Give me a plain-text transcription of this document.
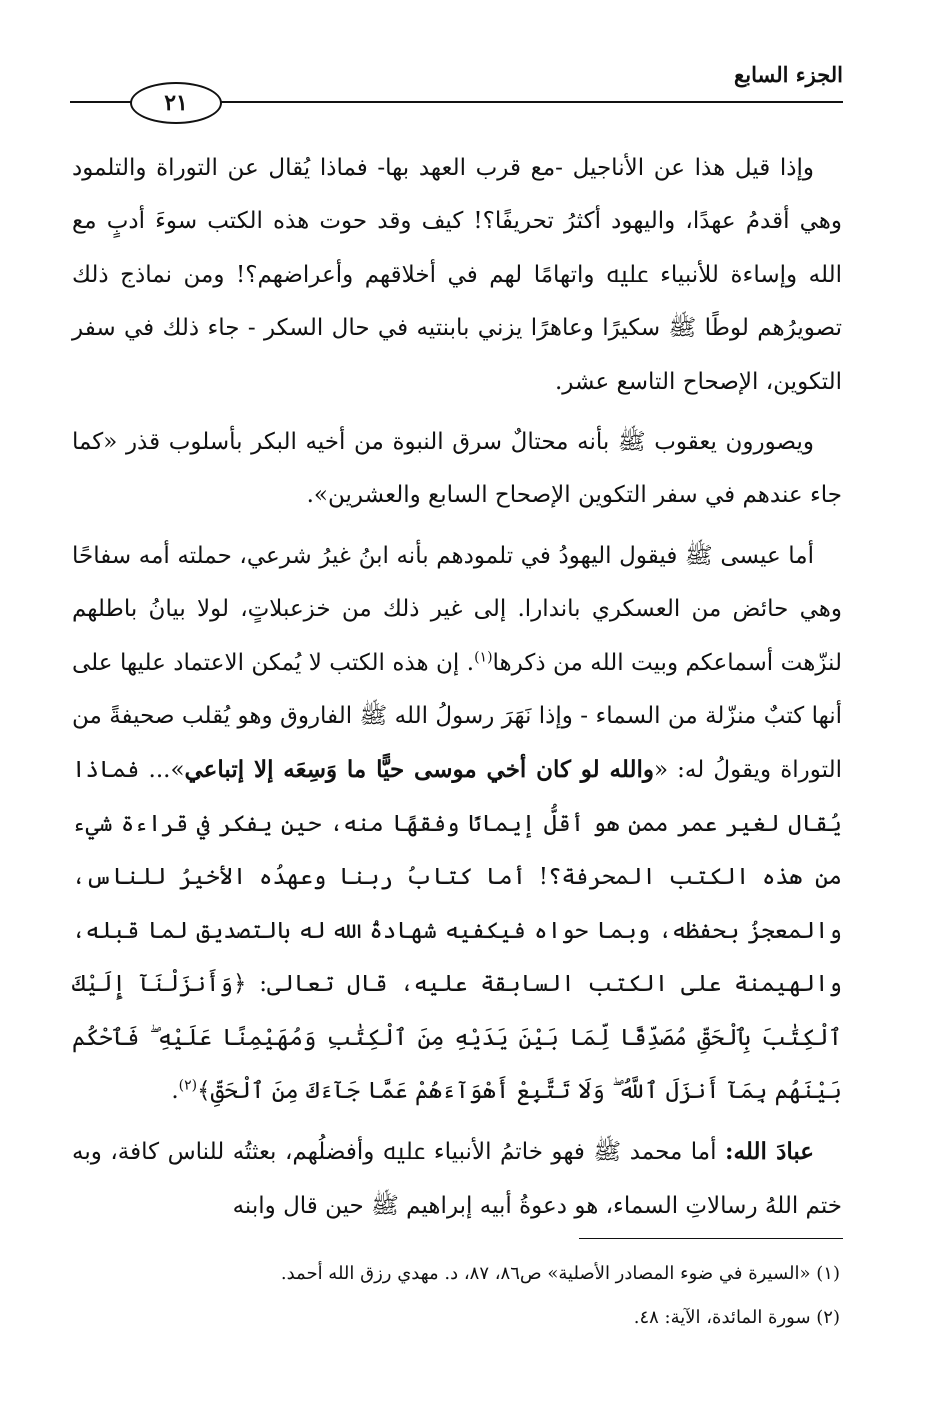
الجزء السابع
٢١

وإذا قيل هذا عن الأناجيل -مع قرب العهد بها- فماذا يُقال عن التوراة والتلمود وهي أقدمُ عهدًا، واليهود أكثرُ تحريفًا؟! كيف وقد حوت هذه الكتب سوءَ أدبٍ مع الله وإساءة للأنبياء ﷷ واتهامًا لهم في أخلاقهم وأعراضهم؟! ومن نماذج ذلك تصويرُهم لوطًا ﷺ سكيرًا وعاهرًا يزني بابنتيه في حال السكر - جاء ذلك في سفر التكوين، الإصحاح التاسع عشر.

ويصورون يعقوب ﷺ بأنه محتالٌ سرق النبوة من أخيه البكر بأسلوب قذر «كما جاء عندهم في سفر التكوين الإصحاح السابع والعشرين».

أما عيسى ﷺ فيقول اليهودُ في تلمودهم بأنه ابنُ غيرُ شرعي، حملته أمه سفاحًا وهي حائض من العسكري باندارا. إلى غير ذلك من خزعبلاتٍ، لولا بيانُ باطلهم لنزّهت أسماعكم وبيت الله من ذكرها$^{(١)}$. إن هذه الكتب لا يُمكن الاعتماد عليها على أنها كتبٌ منزّلة من السماء - وإذا نَهَرَ رسولُ الله ﷺ الفاروق وهو يُقلب صحيفةً من التوراة ويقولُ له: «والله لو كان أخي موسى حيًّا ما وَسِعَه إلا إتباعي»... فماذا يُقال لغير عمر ممن هو أقلُّ إيمانًا وفقهًا منه، حين يفكر في قراءة شيء من هذه الكتب المحرفة؟! أما كتابُ ربنا وعهدُه الأخيرُ للناس، والمعجزُ بحفظه، وبما حواه فيكفيه شهادةُ الله له بالتصديق لما قبله، والهيمنة على الكتب السابقة عليه، قال تعالى: ﴿وَأَنزَلْنَآ إِلَيْكَ ٱلْكِتَٰبَ بِٱلْحَقِّ مُصَدِّقًا لِّمَا بَيْنَ يَدَيْهِ مِنَ ٱلْكِتَٰبِ وَمُهَيْمِنًا عَلَيْهِ ۖ فَٱحْكُم بَيْنَهُم بِمَآ أَنزَلَ ٱللَّهُ ۖ وَلَا تَتَّبِعْ أَهْوَآءَهُمْ عَمَّا جَآءَكَ مِنَ ٱلْحَقِّ﴾$^{(٢)}$.

عبادَ الله: أما محمد ﷺ فهو خاتمُ الأنبياء ﷷ وأفضلُهم، بعثتُه للناس كافة، وبه ختم اللهُ رسالاتِ السماء، هو دعوةُ أبيه إبراهيم ﷺ حين قال وابنه

(١) «السيرة في ضوء المصادر الأصلية» ص٨٦، ٨٧، د. مهدي رزق الله أحمد.
(٢) سورة المائدة، الآية: ٤٨.
